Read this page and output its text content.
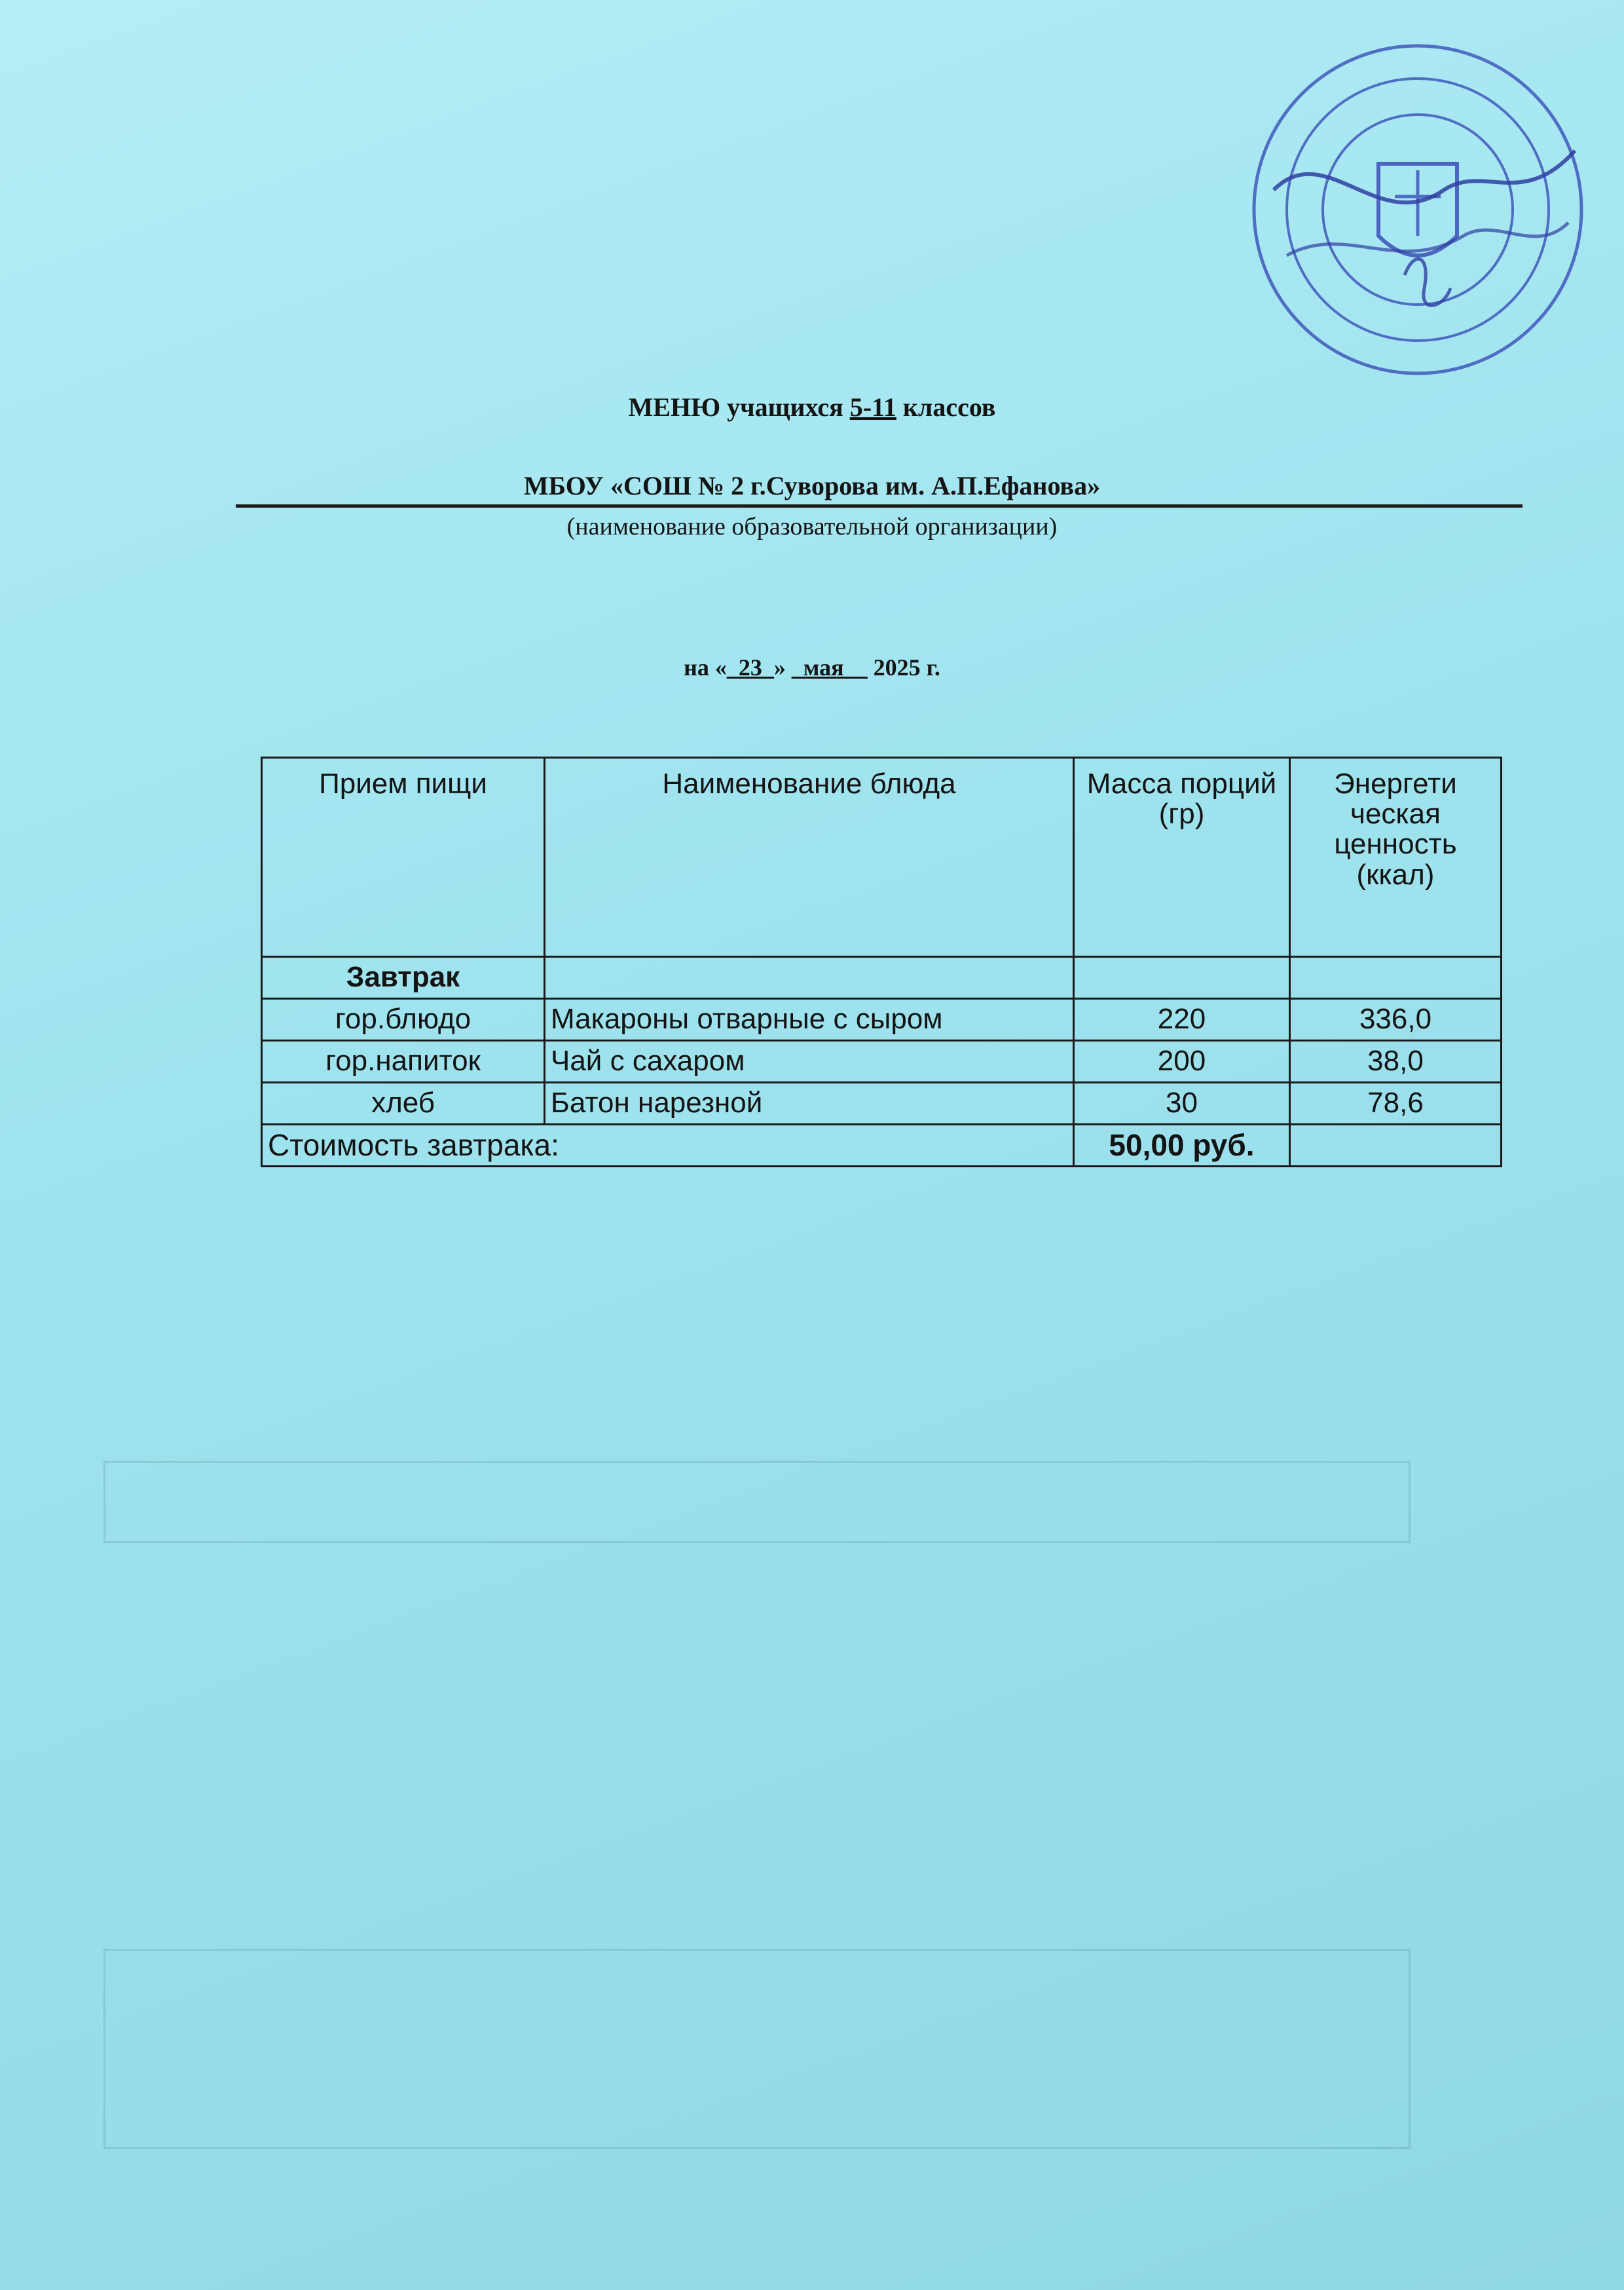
МЕНЮ учащихся 5-11 классов
МБОУ «СОШ № 2 г.Суворова им. А.П.Ефанова»
(наименование образовательной организации)
на «_23_» _мая__ 2025 г.
Прием пищи	Наименование блюда	Масса порций (гр)	Энергети
ческая
ценность
(ккал)
Завтрак			
гор.блюдо	Макароны отварные с сыром	220	336,0
гор.напиток	Чай с сахаром	200	38,0
хлеб	Батон нарезной	30	78,6
Стоимость завтрака:		50,00 руб.	
